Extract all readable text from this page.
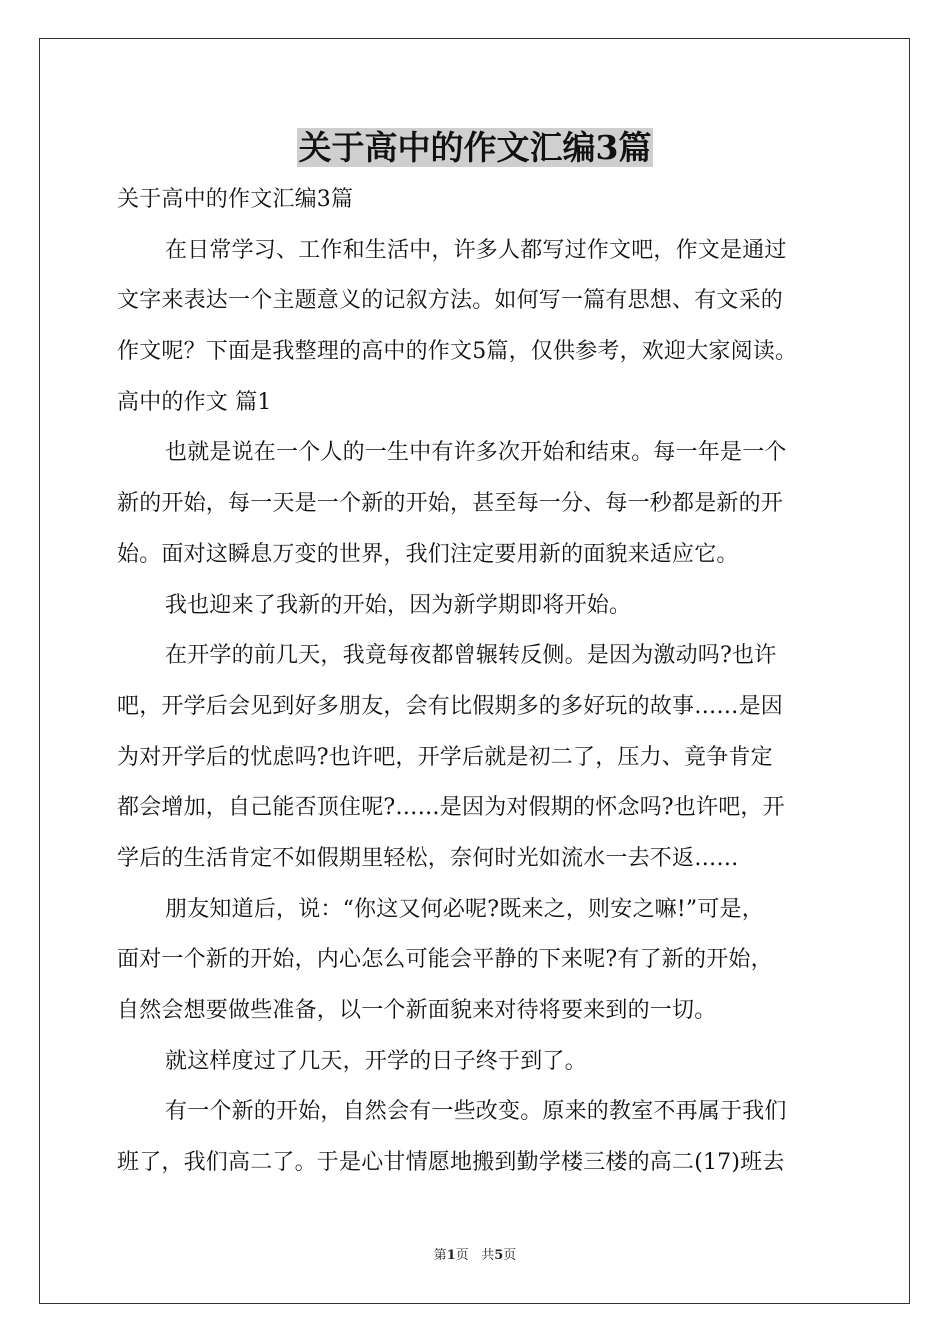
关于高中的作文汇编3篇
关于高中的作文汇编3篇
在日常学习、工作和生活中，许多人都写过作文吧，作文是通过
文字来表达一个主题意义的记叙方法。如何写一篇有思想、有文采的
作文呢？下面是我整理的高中的作文5篇，仅供参考，欢迎大家阅读。
高中的作文 篇1
也就是说在一个人的一生中有许多次开始和结束。每一年是一个
新的开始，每一天是一个新的开始，甚至每一分、每一秒都是新的开
始。面对这瞬息万变的世界，我们注定要用新的面貌来适应它。
我也迎来了我新的开始，因为新学期即将开始。
在开学的前几天，我竟每夜都曾辗转反侧。是因为激动吗?也许
吧，开学后会见到好多朋友，会有比假期多的多好玩的故事……是因
为对开学后的忧虑吗?也许吧，开学后就是初二了，压力、竟争肯定
都会增加，自己能否顶住呢?……是因为对假期的怀念吗?也许吧，开
学后的生活肯定不如假期里轻松，奈何时光如流水一去不返……
朋友知道后，说：“你这又何必呢?既来之，则安之嘛!”可是，
面对一个新的开始，内心怎么可能会平静的下来呢?有了新的开始，
自然会想要做些准备，以一个新面貌来对待将要来到的一切。
就这样度过了几天，开学的日子终于到了。
有一个新的开始，自然会有一些改变。原来的教室不再属于我们
班了，我们高二了。于是心甘情愿地搬到勤学楼三楼的高二(17)班去
第1页 共5页
